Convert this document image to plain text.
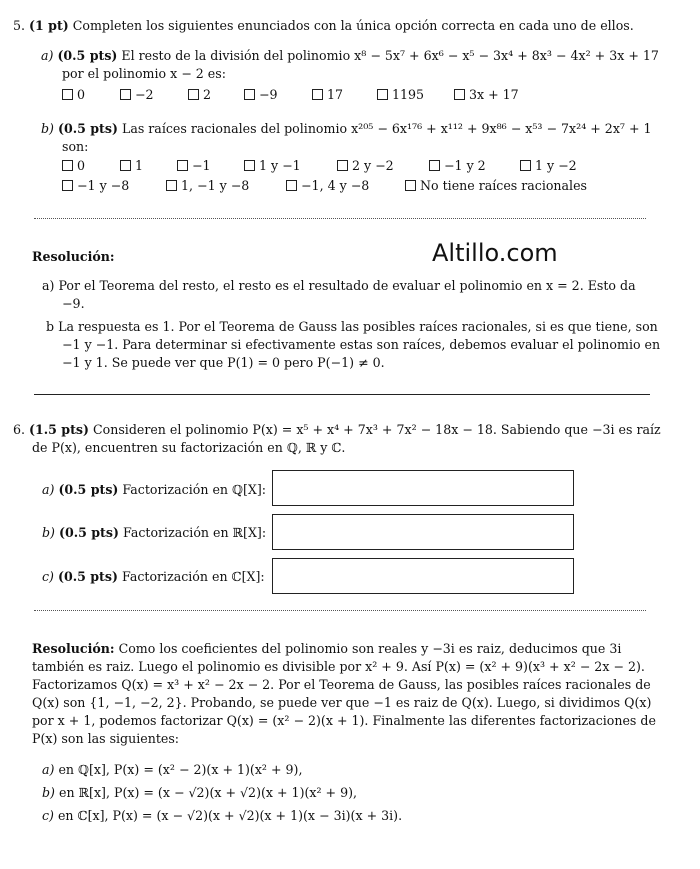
5. (1 pt) Completen los siguientes enunciados con la única opción correcta en cada uno de ellos.
a) (0.5 pts) El resto de la división del polinomio x⁸ − 5x⁷ + 6x⁶ − x⁵ − 3x⁴ + 8x³ − 4x² + 3x + 17
por el polinomio x − 2 es:
0	−2	2	−9	17	1195	3x + 17
b) (0.5 pts) Las raíces racionales del polinomio x²⁰⁵ − 6x¹⁷⁶ + x¹¹² + 9x⁸⁶ − x⁵³ − 7x²⁴ + 2x⁷ + 1
son:
0	1	−1	1 y −1	2 y −2	−1 y 2	1 y −2
−1 y −8	1, −1 y −8	−1, 4 y −8	No tiene raíces racionales
Resolución:	Altillo.com
a) Por el Teorema del resto, el resto es el resultado de evaluar el polinomio en x = 2. Esto da
−9.
b La respuesta es 1. Por el Teorema de Gauss las posibles raíces racionales, si es que tiene, son
−1 y −1. Para determinar si efectivamente estas son raíces, debemos evaluar el polinomio en
−1 y 1. Se puede ver que P(1) = 0 pero P(−1) ≠ 0.
6. (1.5 pts) Consideren el polinomio P(x) = x⁵ + x⁴ + 7x³ + 7x² − 18x − 18. Sabiendo que −3i es raíz
de P(x), encuentren su factorización en ℚ, ℝ y ℂ.
a) (0.5 pts) Factorización en ℚ[X]:
b) (0.5 pts) Factorización en ℝ[X]:
c) (0.5 pts) Factorización en ℂ[X]:
Resolución: Como los coeficientes del polinomio son reales y −3i es raiz, deducimos que 3i
también es raiz. Luego el polinomio es divisible por x² + 9. Así P(x) = (x² + 9)(x³ + x² − 2x − 2).
Factorizamos Q(x) = x³ + x² − 2x − 2. Por el Teorema de Gauss, las posibles raíces racionales de
Q(x) son {1, −1, −2, 2}. Probando, se puede ver que −1 es raiz de Q(x). Luego, si dividimos Q(x)
por x + 1, podemos factorizar Q(x) = (x² − 2)(x + 1). Finalmente las diferentes factorizaciones de
P(x) son las siguientes:
a) en ℚ[x], P(x) = (x² − 2)(x + 1)(x² + 9),
b) en ℝ[x], P(x) = (x − √2)(x + √2)(x + 1)(x² + 9),
c) en ℂ[x], P(x) = (x − √2)(x + √2)(x + 1)(x − 3i)(x + 3i).
